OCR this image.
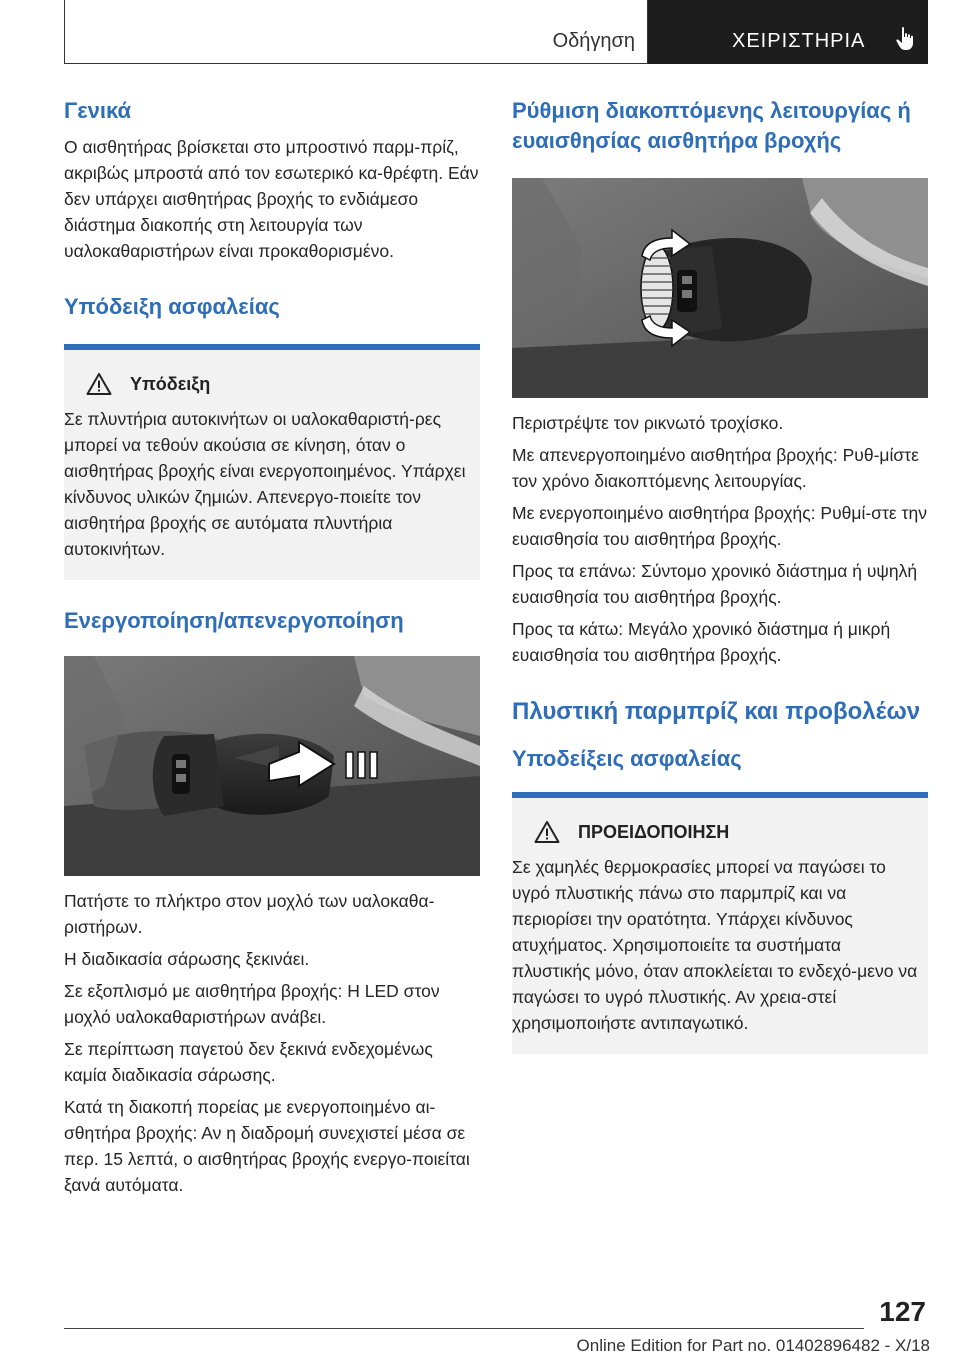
Οδήγηση	ΧΕΙΡΙΣΤΗΡΙΑ
Γενικά

Ο αισθητήρας βρίσκεται στο μπροστινό παρμ-πρίζ, ακριβώς μπροστά από τον εσωτερικό κα-θρέφτη. Εάν δεν υπάρχει αισθητήρας βροχής το ενδιάμεσο διάστημα διακοπής στη λειτουργία των υαλοκαθαριστήρων είναι προκαθορισμένο.

Υπόδειξη ασφαλείας
Υπόδειξη

Σε πλυντήρια αυτοκινήτων οι υαλοκαθαριστή-ρες μπορεί να τεθούν ακούσια σε κίνηση, όταν ο αισθητήρας βροχής είναι ενεργοποιημένος. Υπάρχει κίνδυνος υλικών ζημιών. Απενεργο-ποιείτε τον αισθητήρα βροχής σε αυτόματα πλυντήρια αυτοκινήτων.

Ενεργοποίηση/απενεργοποίηση

Πατήστε το πλήκτρο στον μοχλό των υαλοκαθα-ριστήρων.

Η διαδικασία σάρωσης ξεκινάει.

Σε εξοπλισμό με αισθητήρα βροχής: Η LED στον μοχλό υαλοκαθαριστήρων ανάβει.

Σε περίπτωση παγετού δεν ξεκινά ενδεχομένως καμία διαδικασία σάρωσης.

Κατά τη διακοπή πορείας με ενεργοποιημένο αι-σθητήρα βροχής: Αν η διαδρομή συνεχιστεί μέσα σε περ. 15 λεπτά, ο αισθητήρας βροχής ενεργο-ποιείται ξανά αυτόματα.

Ρύθμιση διακοπτόμενης λειτουργίας ή ευαισθησίας αισθητήρα βροχής

Περιστρέψτε τον ρικνωτό τροχίσκο.

Με απενεργοποιημένο αισθητήρα βροχής: Ρυθ-μίστε τον χρόνο διακοπτόμενης λειτουργίας.

Με ενεργοποιημένο αισθητήρα βροχής: Ρυθμί-στε την ευαισθησία του αισθητήρα βροχής.

Προς τα επάνω: Σύντομο χρονικό διάστημα ή υψηλή ευαισθησία του αισθητήρα βροχής.

Προς τα κάτω: Μεγάλο χρονικό διάστημα ή μικρή ευαισθησία του αισθητήρα βροχής.

Πλυστική παρμπρίζ και προβολέων
Υποδείξεις ασφαλείας
ΠΡΟΕΙΔΟΠΟΙΗΣΗ

Σε χαμηλές θερμοκρασίες μπορεί να παγώσει το υγρό πλυστικής πάνω στο παρμπρίζ και να περιορίσει την ορατότητα. Υπάρχει κίνδυνος ατυχήματος. Χρησιμοποιείτε τα συστήματα πλυστικής μόνο, όταν αποκλείεται το ενδεχό-μενο να παγώσει το υγρό πλυστικής. Αν χρεια-στεί χρησιμοποιήστε αντιπαγωτικό.

127
Online Edition for Part no. 01402896482 - X/18
